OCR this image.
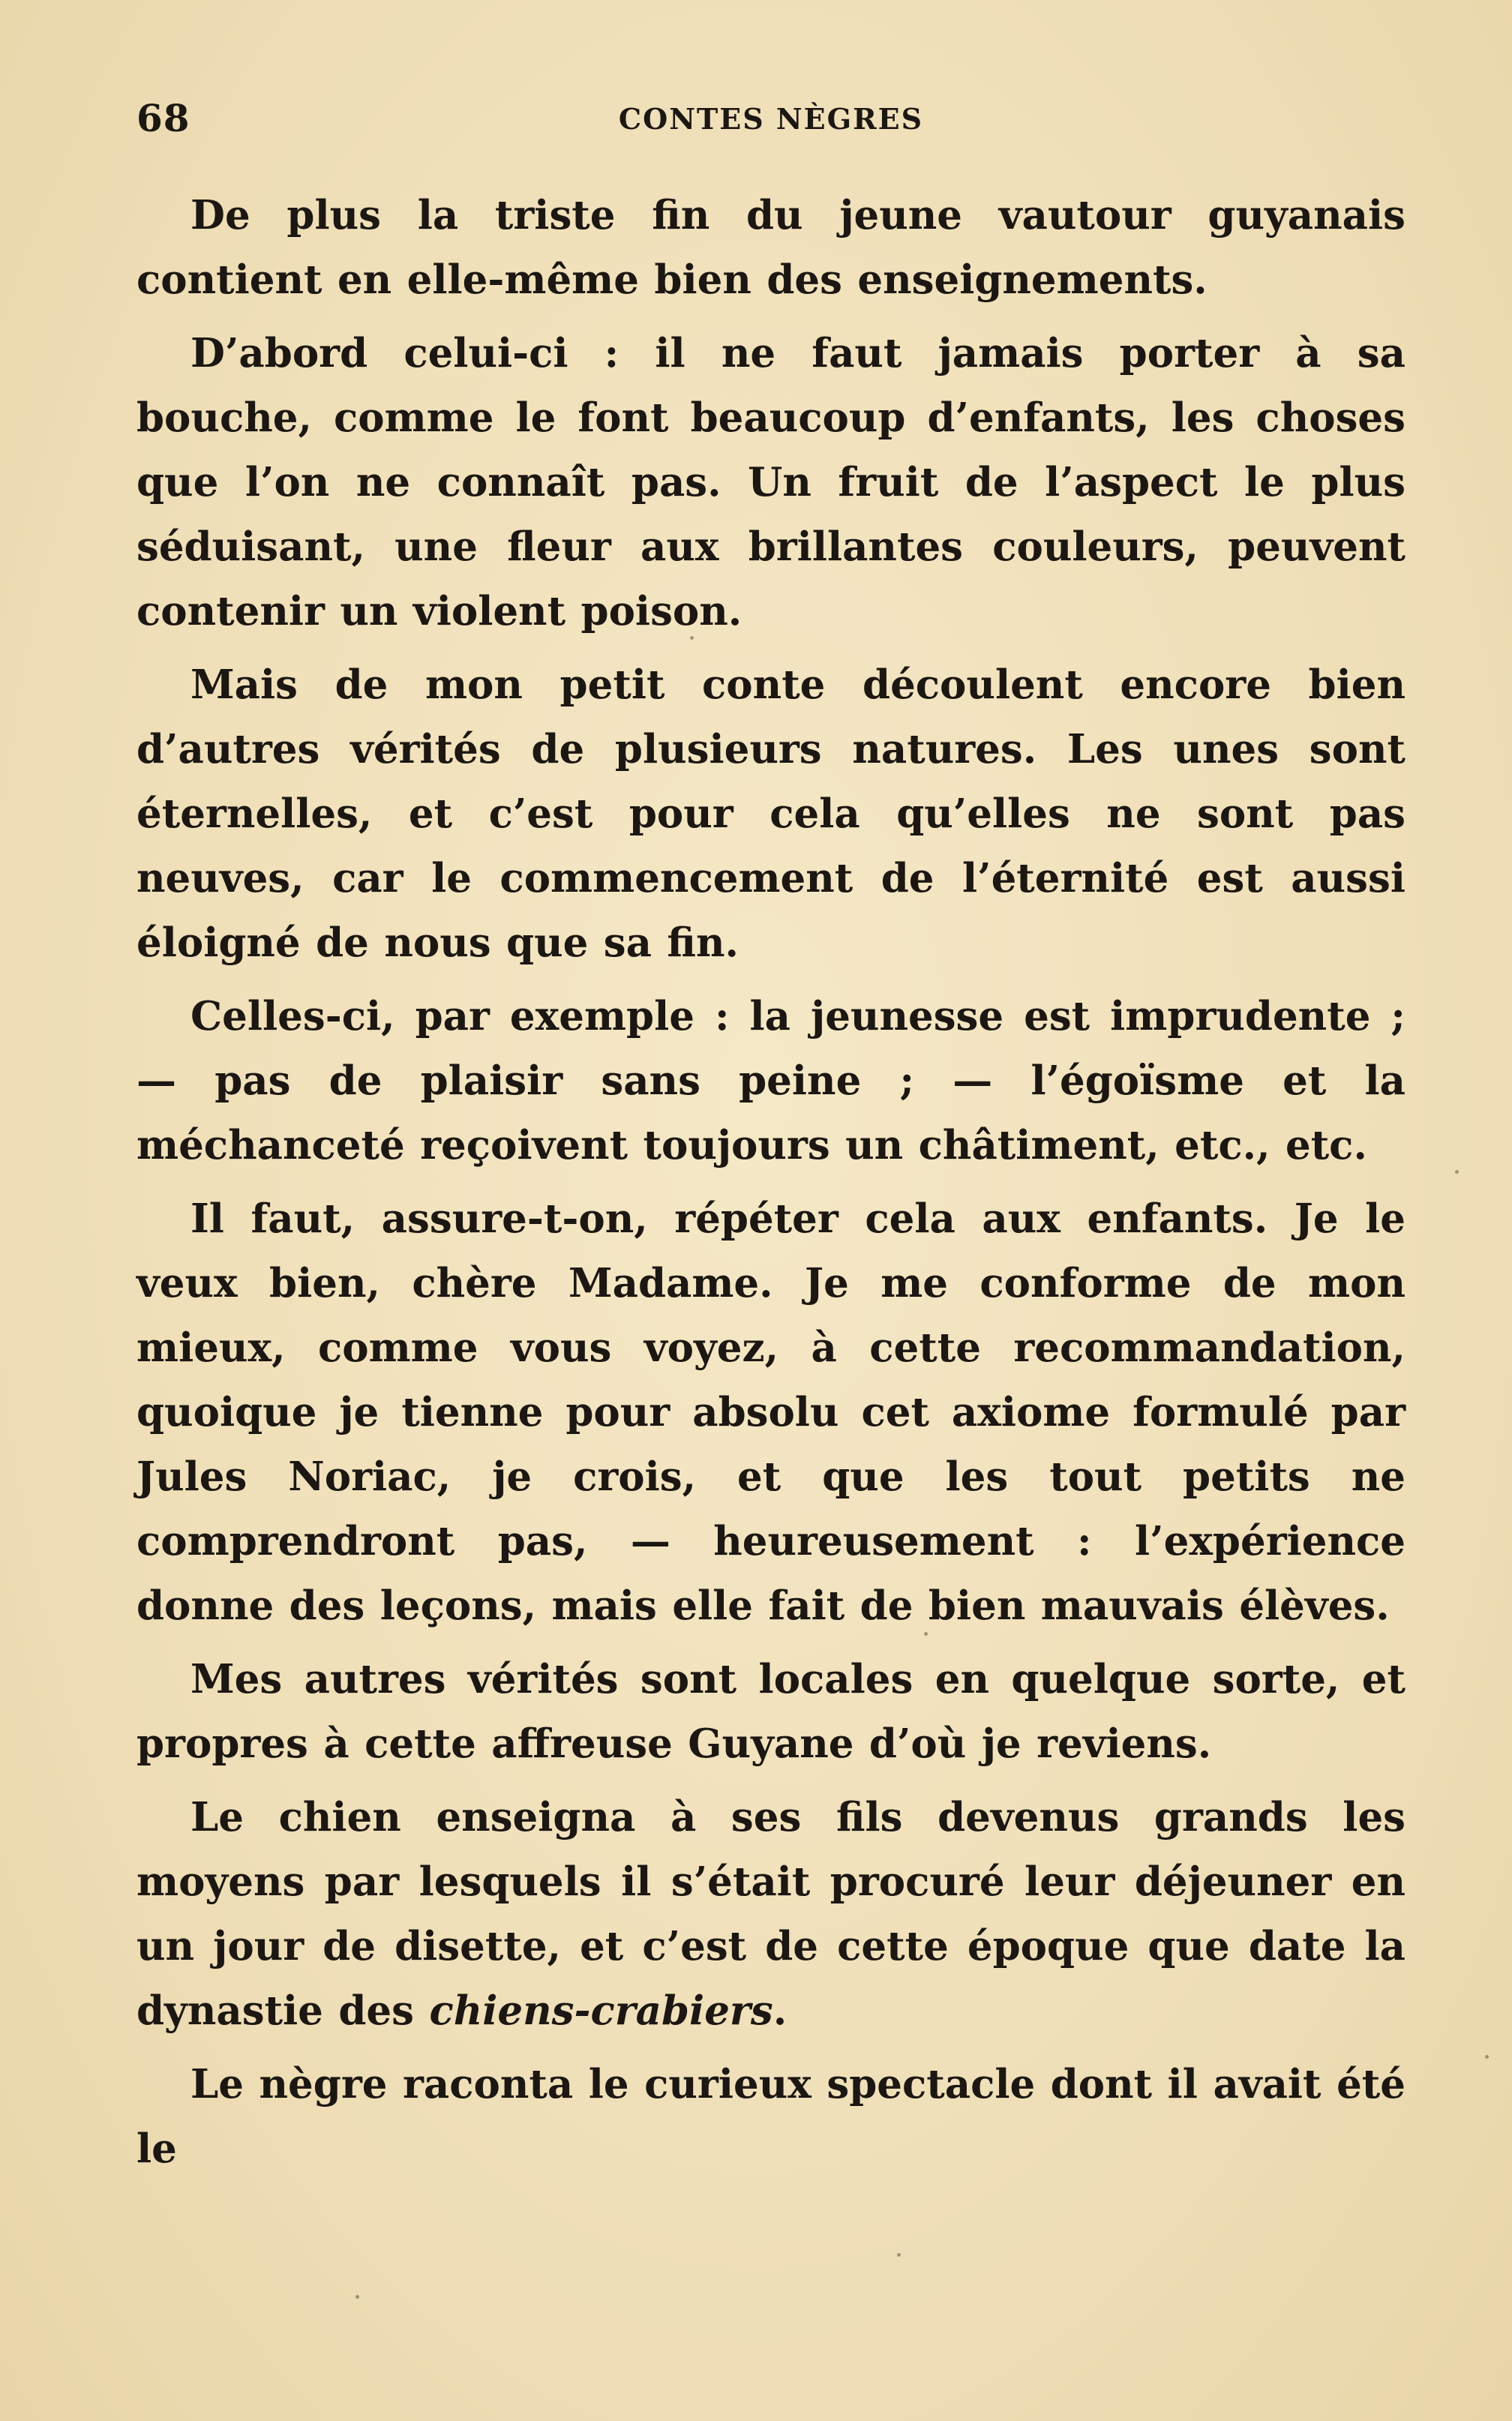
68	CONTES NÈGRES

De plus la triste fin du jeune vautour guyanais contient en elle-même bien des enseignements.

D’abord celui-ci : il ne faut jamais porter à sa bouche, comme le font beaucoup d’enfants, les choses que l’on ne connaît pas. Un fruit de l’aspect le plus séduisant, une fleur aux brillantes couleurs, peuvent contenir un violent poison.

Mais de mon petit conte découlent encore bien d’autres vérités de plusieurs natures. Les unes sont éternelles, et c’est pour cela qu’elles ne sont pas neuves, car le commencement de l’éternité est aussi éloigné de nous que sa fin.

Celles-ci, par exemple : la jeunesse est imprudente ; — pas de plaisir sans peine ; — l’égoïsme et la méchanceté reçoivent toujours un châtiment, etc., etc.

Il faut, assure-t-on, répéter cela aux enfants. Je le veux bien, chère Madame. Je me conforme de mon mieux, comme vous voyez, à cette recommandation, quoique je tienne pour absolu cet axiome formulé par Jules Noriac, je crois, et que les tout petits ne comprendront pas, — heureusement : l’expérience donne des leçons, mais elle fait de bien mauvais élèves.

Mes autres vérités sont locales en quelque sorte, et propres à cette affreuse Guyane d’où je reviens.

Le chien enseigna à ses fils devenus grands les moyens par lesquels il s’était procuré leur déjeuner en un jour de disette, et c’est de cette époque que date la dynastie des chiens-crabiers.

Le nègre raconta le curieux spectacle dont il avait été le
